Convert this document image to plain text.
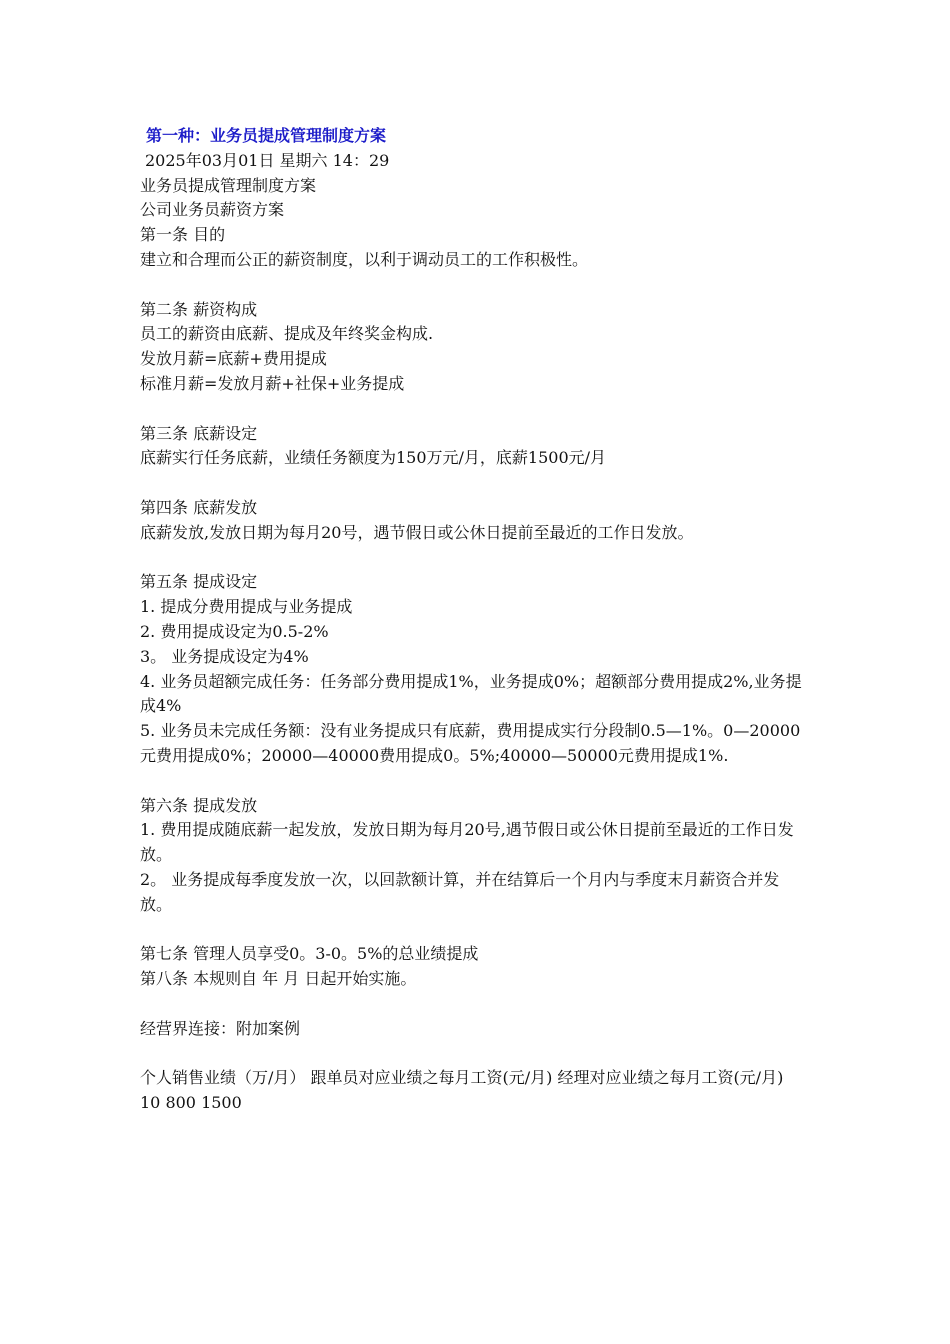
第一种：业务员提成管理制度方案
2025年03月01日 星期六 14：29
业务员提成管理制度方案
公司业务员薪资方案
第一条 目的
建立和合理而公正的薪资制度，以利于调动员工的工作积极性。
第二条 薪资构成
员工的薪资由底薪、提成及年终奖金构成.
发放月薪=底薪+费用提成
标准月薪=发放月薪+社保+业务提成
第三条 底薪设定
底薪实行任务底薪，业绩任务额度为150万元/月，底薪1500元/月
第四条 底薪发放
底薪发放,发放日期为每月20号，遇节假日或公休日提前至最近的工作日发放。
第五条 提成设定
1. 提成分费用提成与业务提成
2. 费用提成设定为0.5-2%
3。 业务提成设定为4%
4. 业务员超额完成任务：任务部分费用提成1%，业务提成0%；超额部分费用提成2%,业务提成4%
5. 业务员未完成任务额：没有业务提成只有底薪，费用提成实行分段制0.5—1%。0—20000元费用提成0%；20000—40000费用提成0。5%;40000—50000元费用提成1%.
第六条 提成发放
1. 费用提成随底薪一起发放，发放日期为每月20号,遇节假日或公休日提前至最近的工作日发放。
2。 业务提成每季度发放一次，以回款额计算，并在结算后一个月内与季度末月薪资合并发放。
第七条 管理人员享受0。3-0。5%的总业绩提成
第八条 本规则自 年 月 日起开始实施。
经营界连接：附加案例
个人销售业绩（万/月） 跟单员对应业绩之每月工资(元/月) 经理对应业绩之每月工资(元/月)
10 800 1500
